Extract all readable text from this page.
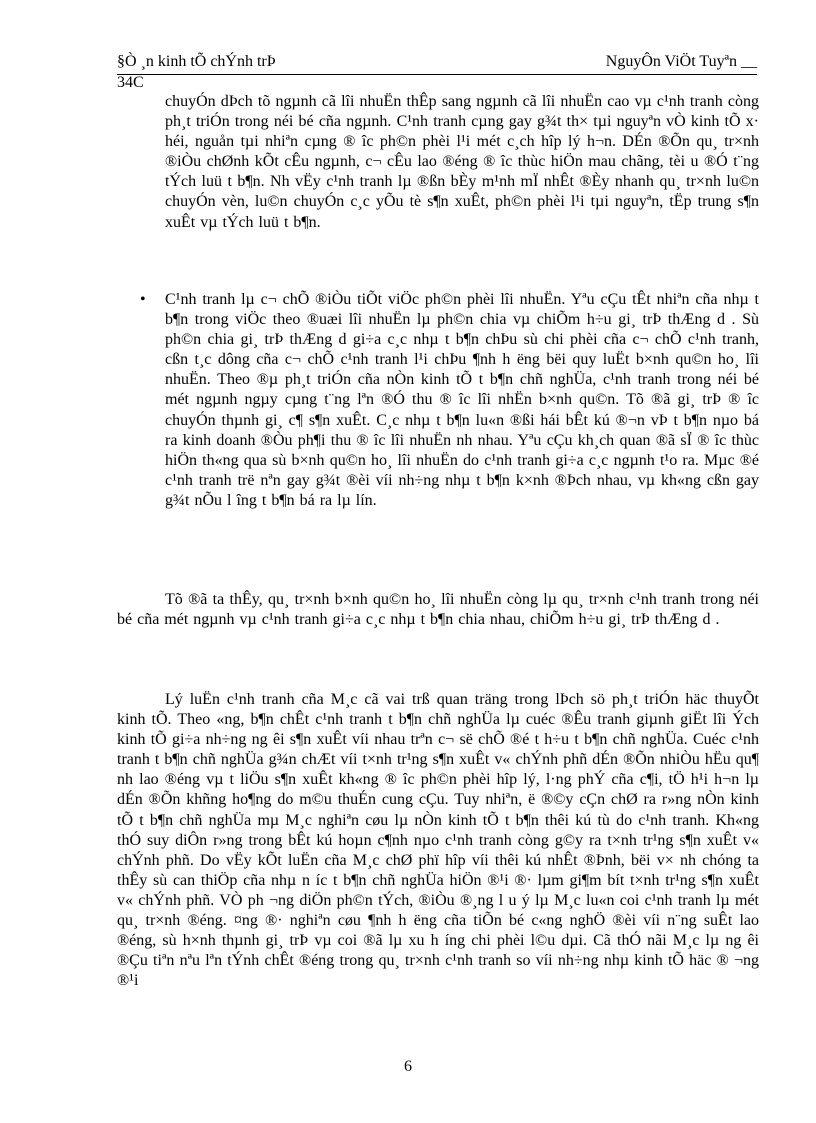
§Ò ¸n kinh tÕ chÝnh trÞ	NguyÔn ViÖt Tuyªn __
34C

chuyÓn dÞch tõ ngµnh cã lîi nhuËn thÊp sang ngµnh cã lîi nhuËn cao vµ c¹nh tranh còng ph¸t triÓn trong néi bé cña ngµnh. C¹nh tranh cµng gay g¾t th× tµi nguyªn vÒ kinh tÕ x· héi, nguån tµi nhiªn cµng ® îc ph©n phèi l¹i mét c¸ch hîp lý h¬n. DÉn ®Õn qu¸ tr×nh ®iÒu chØnh kÕt cÊu ngµnh, c¬ cÊu lao ®éng ® îc thùc hiÖn mau chãng, tèi u ®Ó t¨ng tÝch luü t b¶n. Nh vËy c¹nh tranh lµ ®ßn bÈy m¹nh mÏ nhÊt ®Èy nhanh qu¸ tr×nh lu©n chuyÓn vèn, lu©n chuyÓn c¸c yÕu tè s¶n xuÊt, ph©n phèi l¹i tµi nguyªn, tËp trung s¶n xuÊt vµ tÝch luü t b¶n.

• C¹nh tranh lµ c¬ chÕ ®iÒu tiÕt viÖc ph©n phèi lîi nhuËn. Yªu cÇu tÊt nhiªn cña nhµ t b¶n trong viÖc theo ®uæi lîi nhuËn lµ ph©n chia vµ chiÕm h÷u gi¸ trÞ thÆng d . Sù ph©n chia gi¸ trÞ thÆng d gi÷a c¸c nhµ t b¶n chÞu sù chi phèi cña c¬ chÕ c¹nh tranh, cßn t¸c dông cña c¬ chÕ c¹nh tranh l¹i chÞu ¶nh h ëng bëi quy luËt b×nh qu©n ho¸ lîi nhuËn. Theo ®µ ph¸t triÓn cña nÒn kinh tÕ t b¶n chñ nghÜa, c¹nh tranh trong néi bé mét ngµnh ngµy cµng t¨ng lªn ®Ó thu ® îc lîi nhËn b×nh qu©n. Tõ ®ã gi¸ trÞ ® îc chuyÓn thµnh gi¸ c¶ s¶n xuÊt. C¸c nhµ t b¶n lu«n ®ßi hái bÊt kú ®¬n vÞ t b¶n nµo bá ra kinh doanh ®Òu ph¶i thu ® îc lîi nhuËn nh nhau. Yªu cÇu kh¸ch quan ®ã sÏ ® îc thùc hiÖn th«ng qua sù b×nh qu©n ho¸ lîi nhuËn do c¹nh tranh gi÷a c¸c ngµnh t¹o ra. Mµc ®é c¹nh tranh trë nªn gay g¾t ®èi víi nh÷ng nhµ t b¶n k×nh ®Þch nhau, vµ kh«ng cßn gay g¾t nÕu l îng t b¶n bá ra lµ lín.

Tõ ®ã ta thÊy, qu¸ tr×nh b×nh qu©n ho¸ lîi nhuËn còng lµ qu¸ tr×nh c¹nh tranh trong néi bé cña mét ngµnh vµ c¹nh tranh gi÷a c¸c nhµ t b¶n chia nhau, chiÕm h÷u gi¸ trÞ thÆng d .

Lý luËn c¹nh tranh cña M¸c cã vai trß quan träng trong lÞch sö ph¸t triÓn häc thuyÕt kinh tÕ. Theo «ng, b¶n chÊt c¹nh tranh t b¶n chñ nghÜa lµ cuéc ®Êu tranh giµnh giËt lîi Ých kinh tÕ gi÷a nh÷ng ng êi s¶n xuÊt víi nhau trªn c¬ së chÕ ®é t h÷u t b¶n chñ nghÜa. Cuéc c¹nh tranh t b¶n chñ nghÜa g¾n chÆt víi t×nh tr¹ng s¶n xuÊt v« chÝnh phñ dÉn ®Õn nhiÒu hËu qu¶ nh lao ®éng vµ t liÖu s¶n xuÊt kh«ng ® îc ph©n phèi hîp lý, l·ng phÝ cña c¶i, tÖ h¹i h¬n lµ dÉn ®Õn khñng ho¶ng do m©u thuÉn cung cÇu. Tuy nhiªn, ë ®©y cÇn chØ ra r»ng nÒn kinh tÕ t b¶n chñ nghÜa mµ M¸c nghiªn cøu lµ nÒn kinh tÕ t b¶n thêi kú tù do c¹nh tranh. Kh«ng thÓ suy diÔn r»ng trong bÊt kú hoµn c¶nh nµo c¹nh tranh còng g©y ra t×nh tr¹ng s¶n xuÊt v« chÝnh phñ. Do vËy kÕt luËn cña M¸c chØ phï hîp víi thêi kú nhÊt ®Þnh, bëi v× nh chóng ta thÊy sù can thiÖp cña nhµ n íc t b¶n chñ nghÜa hiÖn ®¹i ®· lµm gi¶m bít t×nh tr¹ng s¶n xuÊt v« chÝnh phñ. VÒ ph ¬ng diÖn ph©n tÝch, ®iÒu ®¸ng l u ý lµ M¸c lu«n coi c¹nh tranh lµ mét qu¸ tr×nh ®éng. ¤ng ®· nghiªn cøu ¶nh h ëng cña tiÕn bé c«ng nghÖ ®èi víi n¨ng suÊt lao ®éng, sù h×nh thµnh gi¸ trÞ vµ coi ®ã lµ xu h íng chi phèi l©u dµi. Cã thÓ nãi M¸c lµ ng êi ®Çu tiªn nªu lªn tÝnh chÊt ®éng trong qu¸ tr×nh c¹nh tranh so víi nh÷ng nhµ kinh tÕ häc ® ¬ng ®¹i

6
